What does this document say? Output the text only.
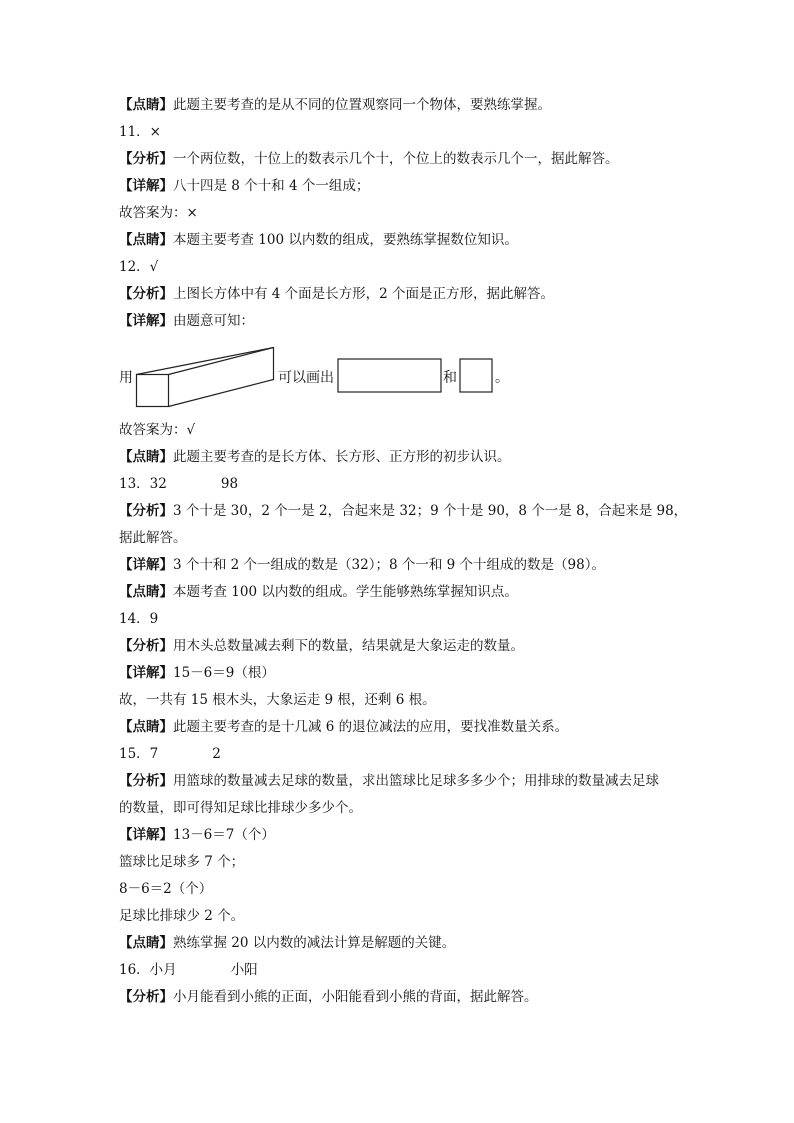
【点睛】此题主要考查的是从不同的位置观察同一个物体，要熟练掌握。
11．×
【分析】一个两位数，十位上的数表示几个十，个位上的数表示几个一，据此解答。
【详解】八十四是 8 个十和 4 个一组成；
故答案为：×
【点睛】本题主要考查 100 以内数的组成，要熟练掌握数位知识。
12．√
【分析】上图长方体中有 4 个面是长方形，2 个面是正方形，据此解答。
【详解】由题意可知：
用	可以画出	和	。
故答案为：√
【点睛】此题主要考查的是长方体、长方形、正方形的初步认识。
13．32	98
【分析】3 个十是 30，2 个一是 2，合起来是 32；9 个十是 90，8 个一是 8，合起来是 98，
据此解答。
【详解】3 个十和 2 个一组成的数是（32）；8 个一和 9 个十组成的数是（98）。
【点睛】本题考查 100 以内数的组成。学生能够熟练掌握知识点。
14．9
【分析】用木头总数量减去剩下的数量，结果就是大象运走的数量。
【详解】15－6＝9（根）
故，一共有 15 根木头，大象运走 9 根，还剩 6 根。
【点睛】此题主要考查的是十几减 6 的退位减法的应用，要找准数量关系。
15．7	2
【分析】用篮球的数量减去足球的数量，求出篮球比足球多多少个；用排球的数量减去足球
的数量，即可得知足球比排球少多少个。
【详解】13－6＝7（个）
篮球比足球多 7 个；
8－6＝2（个）
足球比排球少 2 个。
【点睛】熟练掌握 20 以内数的减法计算是解题的关键。
16．小月	小阳
【分析】小月能看到小熊的正面，小阳能看到小熊的背面，据此解答。
